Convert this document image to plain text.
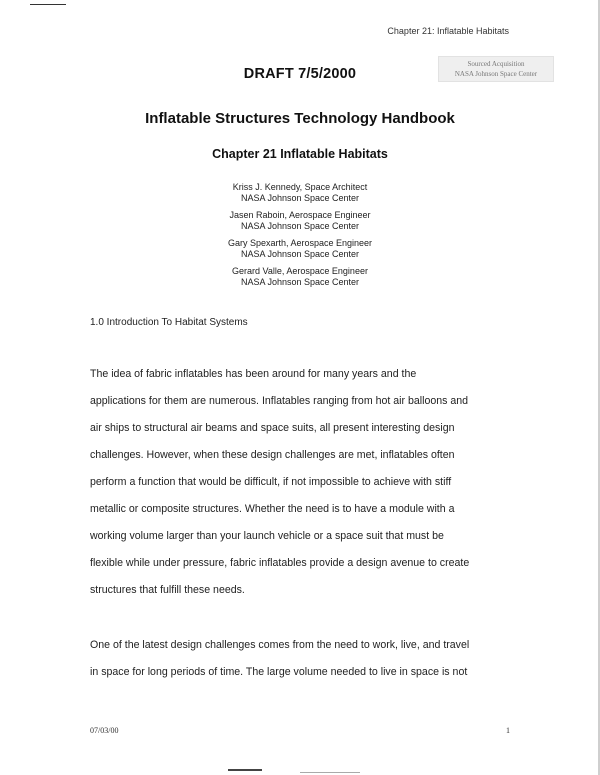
Chapter 21: Inflatable Habitats
DRAFT 7/5/2000
Sourced Acquisition
NASA Johnson Space Center
Inflatable Structures Technology Handbook
Chapter 21 Inflatable Habitats
Kriss J. Kennedy, Space Architect
NASA Johnson Space Center
Jasen Raboin, Aerospace Engineer
NASA Johnson Space Center
Gary Spexarth, Aerospace Engineer
NASA Johnson Space Center
Gerard Valle, Aerospace Engineer
NASA Johnson Space Center
1.0 Introduction To Habitat Systems
The idea of fabric inflatables has been around for many years and the
applications for them are numerous. Inflatables ranging from hot air balloons and
air ships to structural air beams and space suits, all present interesting design
challenges. However, when these design challenges are met, inflatables often
perform a function that would be difficult, if not impossible to achieve with stiff
metallic or composite structures. Whether the need is to have a module with a
working volume larger than your launch vehicle or a space suit that must be
flexible while under pressure, fabric inflatables provide a design avenue to create
structures that fulfill these needs.
One of the latest design challenges comes from the need to work, live, and travel
in space for long periods of time. The large volume needed to live in space is not
07/03/00	1
